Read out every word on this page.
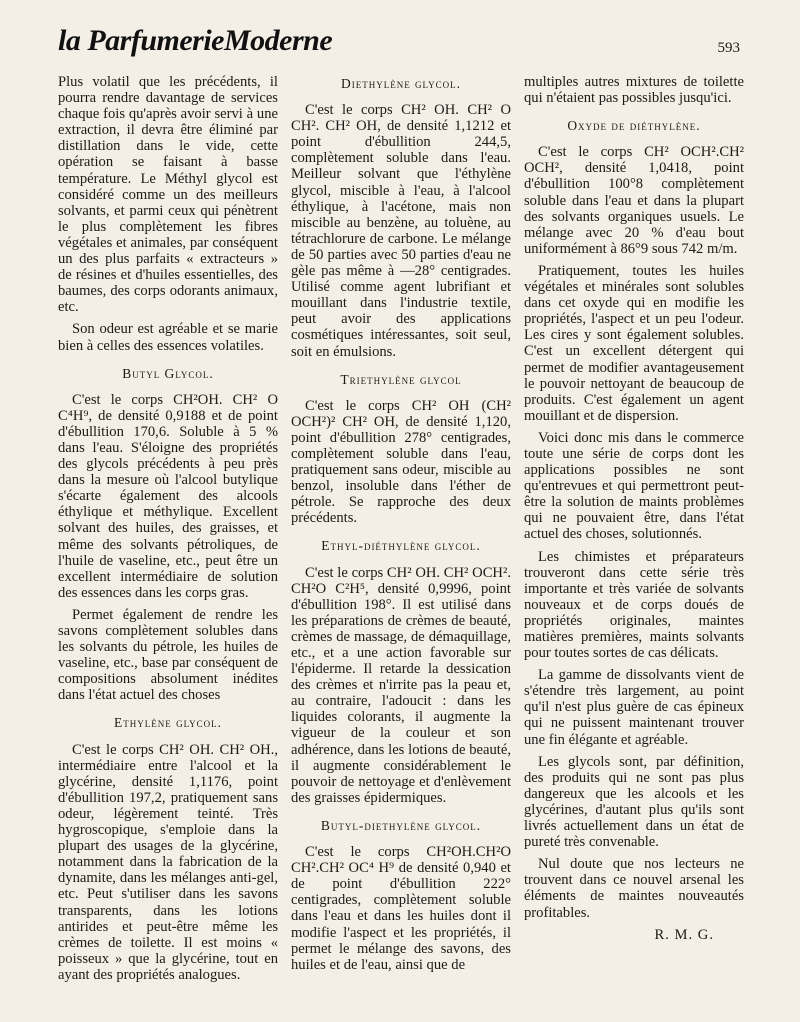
la ParfumerieModerne	593

Plus volatil que les précédents, il pourra rendre davantage de services chaque fois qu'après avoir servi à une extraction, il devra être éliminé par distillation dans le vide, cette opération se faisant à basse température. Le Méthyl glycol est considéré comme un des meilleurs solvants, et parmi ceux qui pénètrent le plus complètement les fibres végétales et animales, par conséquent un des plus parfaits « extracteurs » de résines et d'huiles essentielles, des baumes, des corps odorants animaux, etc.

Son odeur est agréable et se marie bien à celles des essences volatiles.

Butyl Glycol.

C'est le corps CH²OH. CH² O C⁴H⁹, de densité 0,9188 et de point d'ébullition 170,6. Soluble à 5 % dans l'eau. S'éloigne des propriétés des glycols précédents à peu près dans la mesure où l'alcool butylique s'écarte également des alcools éthylique et méthylique. Excellent solvant des huiles, des graisses, et même des solvants pétroliques, de l'huile de vaseline, etc., peut être un excellent intermédiaire de solution des essences dans les corps gras.

Permet également de rendre les savons complètement solubles dans les solvants du pétrole, les huiles de vaseline, etc., base par conséquent de compositions absolument inédites dans l'état actuel des choses

Ethylène glycol.

C'est le corps CH² OH. CH² OH., intermédiaire entre l'alcool et la glycérine, densité 1,1176, point d'ébullition 197,2, pratiquement sans odeur, légèrement teinté. Très hygroscopique, s'emploie dans la plupart des usages de la glycérine, notamment dans la fabrication de la dynamite, dans les mélanges anti-gel, etc. Peut s'utiliser dans les savons transparents, dans les lotions antirides et peut-être même les crèmes de toilette. Il est moins « poisseux » que la glycérine, tout en ayant des propriétés analogues.

Diethylène glycol.

C'est le corps CH² OH. CH² O CH². CH² OH, de densité 1,1212 et point d'ébullition 244,5, complètement soluble dans l'eau. Meilleur solvant que l'éthylène glycol, miscible à l'eau, à l'alcool éthylique, à l'acétone, mais non miscible au benzène, au toluène, au tétrachlorure de carbone. Le mélange de 50 parties avec 50 parties d'eau ne gèle pas même à —28° centigrades. Utilisé comme agent lubrifiant et mouillant dans l'industrie textile, peut avoir des applications cosmétiques intéressantes, soit seul, soit en émulsions.

Triethylène glycol

C'est le corps CH² OH (CH² OCH²)² CH² OH, de densité 1,120, point d'ébullition 278° centigrades, complètement soluble dans l'eau, pratiquement sans odeur, miscible au benzol, insoluble dans l'éther de pétrole. Se rapproche des deux précédents.

Ethyl-diéthylène glycol.

C'est le corps CH² OH. CH² OCH². CH²O C²H⁵, densité 0,9996, point d'ébullition 198°. Il est utilisé dans les préparations de crèmes de beauté, crèmes de massage, de démaquillage, etc., et a une action favorable sur l'épiderme. Il retarde la dessication des crèmes et n'irrite pas la peau et, au contraire, l'adoucit : dans les liquides colorants, il augmente la vigueur de la couleur et son adhérence, dans les lotions de beauté, il augmente considérablement le pouvoir de nettoyage et d'enlèvement des graisses épidermiques.

Butyl-diethylène glycol.

C'est le corps CH²OH.CH²O CH².CH² OC⁴ H⁹ de densité 0,940 et de point d'ébullition 222° centigrades, complètement soluble dans l'eau et dans les huiles dont il modifie l'aspect et les propriétés, il permet le mélange des savons, des huiles et de l'eau, ainsi que de

multiples autres mixtures de toilette qui n'étaient pas possibles jusqu'ici.

Oxyde de diéthylène.

C'est le corps CH² OCH².CH² OCH², densité 1,0418, point d'ébullition 100°8 complètement soluble dans l'eau et dans la plupart des solvants organiques usuels. Le mélange avec 20 % d'eau bout uniformément à 86°9 sous 742 m/m.

Pratiquement, toutes les huiles végétales et minérales sont solubles dans cet oxyde qui en modifie les propriétés, l'aspect et un peu l'odeur. Les cires y sont également solubles. C'est un excellent détergent qui permet de modifier avantageusement le pouvoir nettoyant de beaucoup de produits. C'est également un agent mouillant et de dispersion.

Voici donc mis dans le commerce toute une série de corps dont les applications possibles ne sont qu'entrevues et qui permettront peut-être la solution de maints problèmes qui ne pouvaient être, dans l'état actuel des choses, solutionnés.

Les chimistes et préparateurs trouveront dans cette série très importante et très variée de solvants nouveaux et de corps doués de propriétés originales, maintes matières premières, maints solvants pour toutes sortes de cas délicats.

La gamme de dissolvants vient de s'étendre très largement, au point qu'il n'est plus guère de cas épineux qui ne puissent maintenant trouver une fin élégante et agréable.

Les glycols sont, par définition, des produits qui ne sont pas plus dangereux que les alcools et les glycérines, d'autant plus qu'ils sont livrés actuellement dans un état de pureté très convenable.

Nul doute que nos lecteurs ne trouvent dans ce nouvel arsenal les éléments de maintes nouveautés profitables.

R. M. G.
